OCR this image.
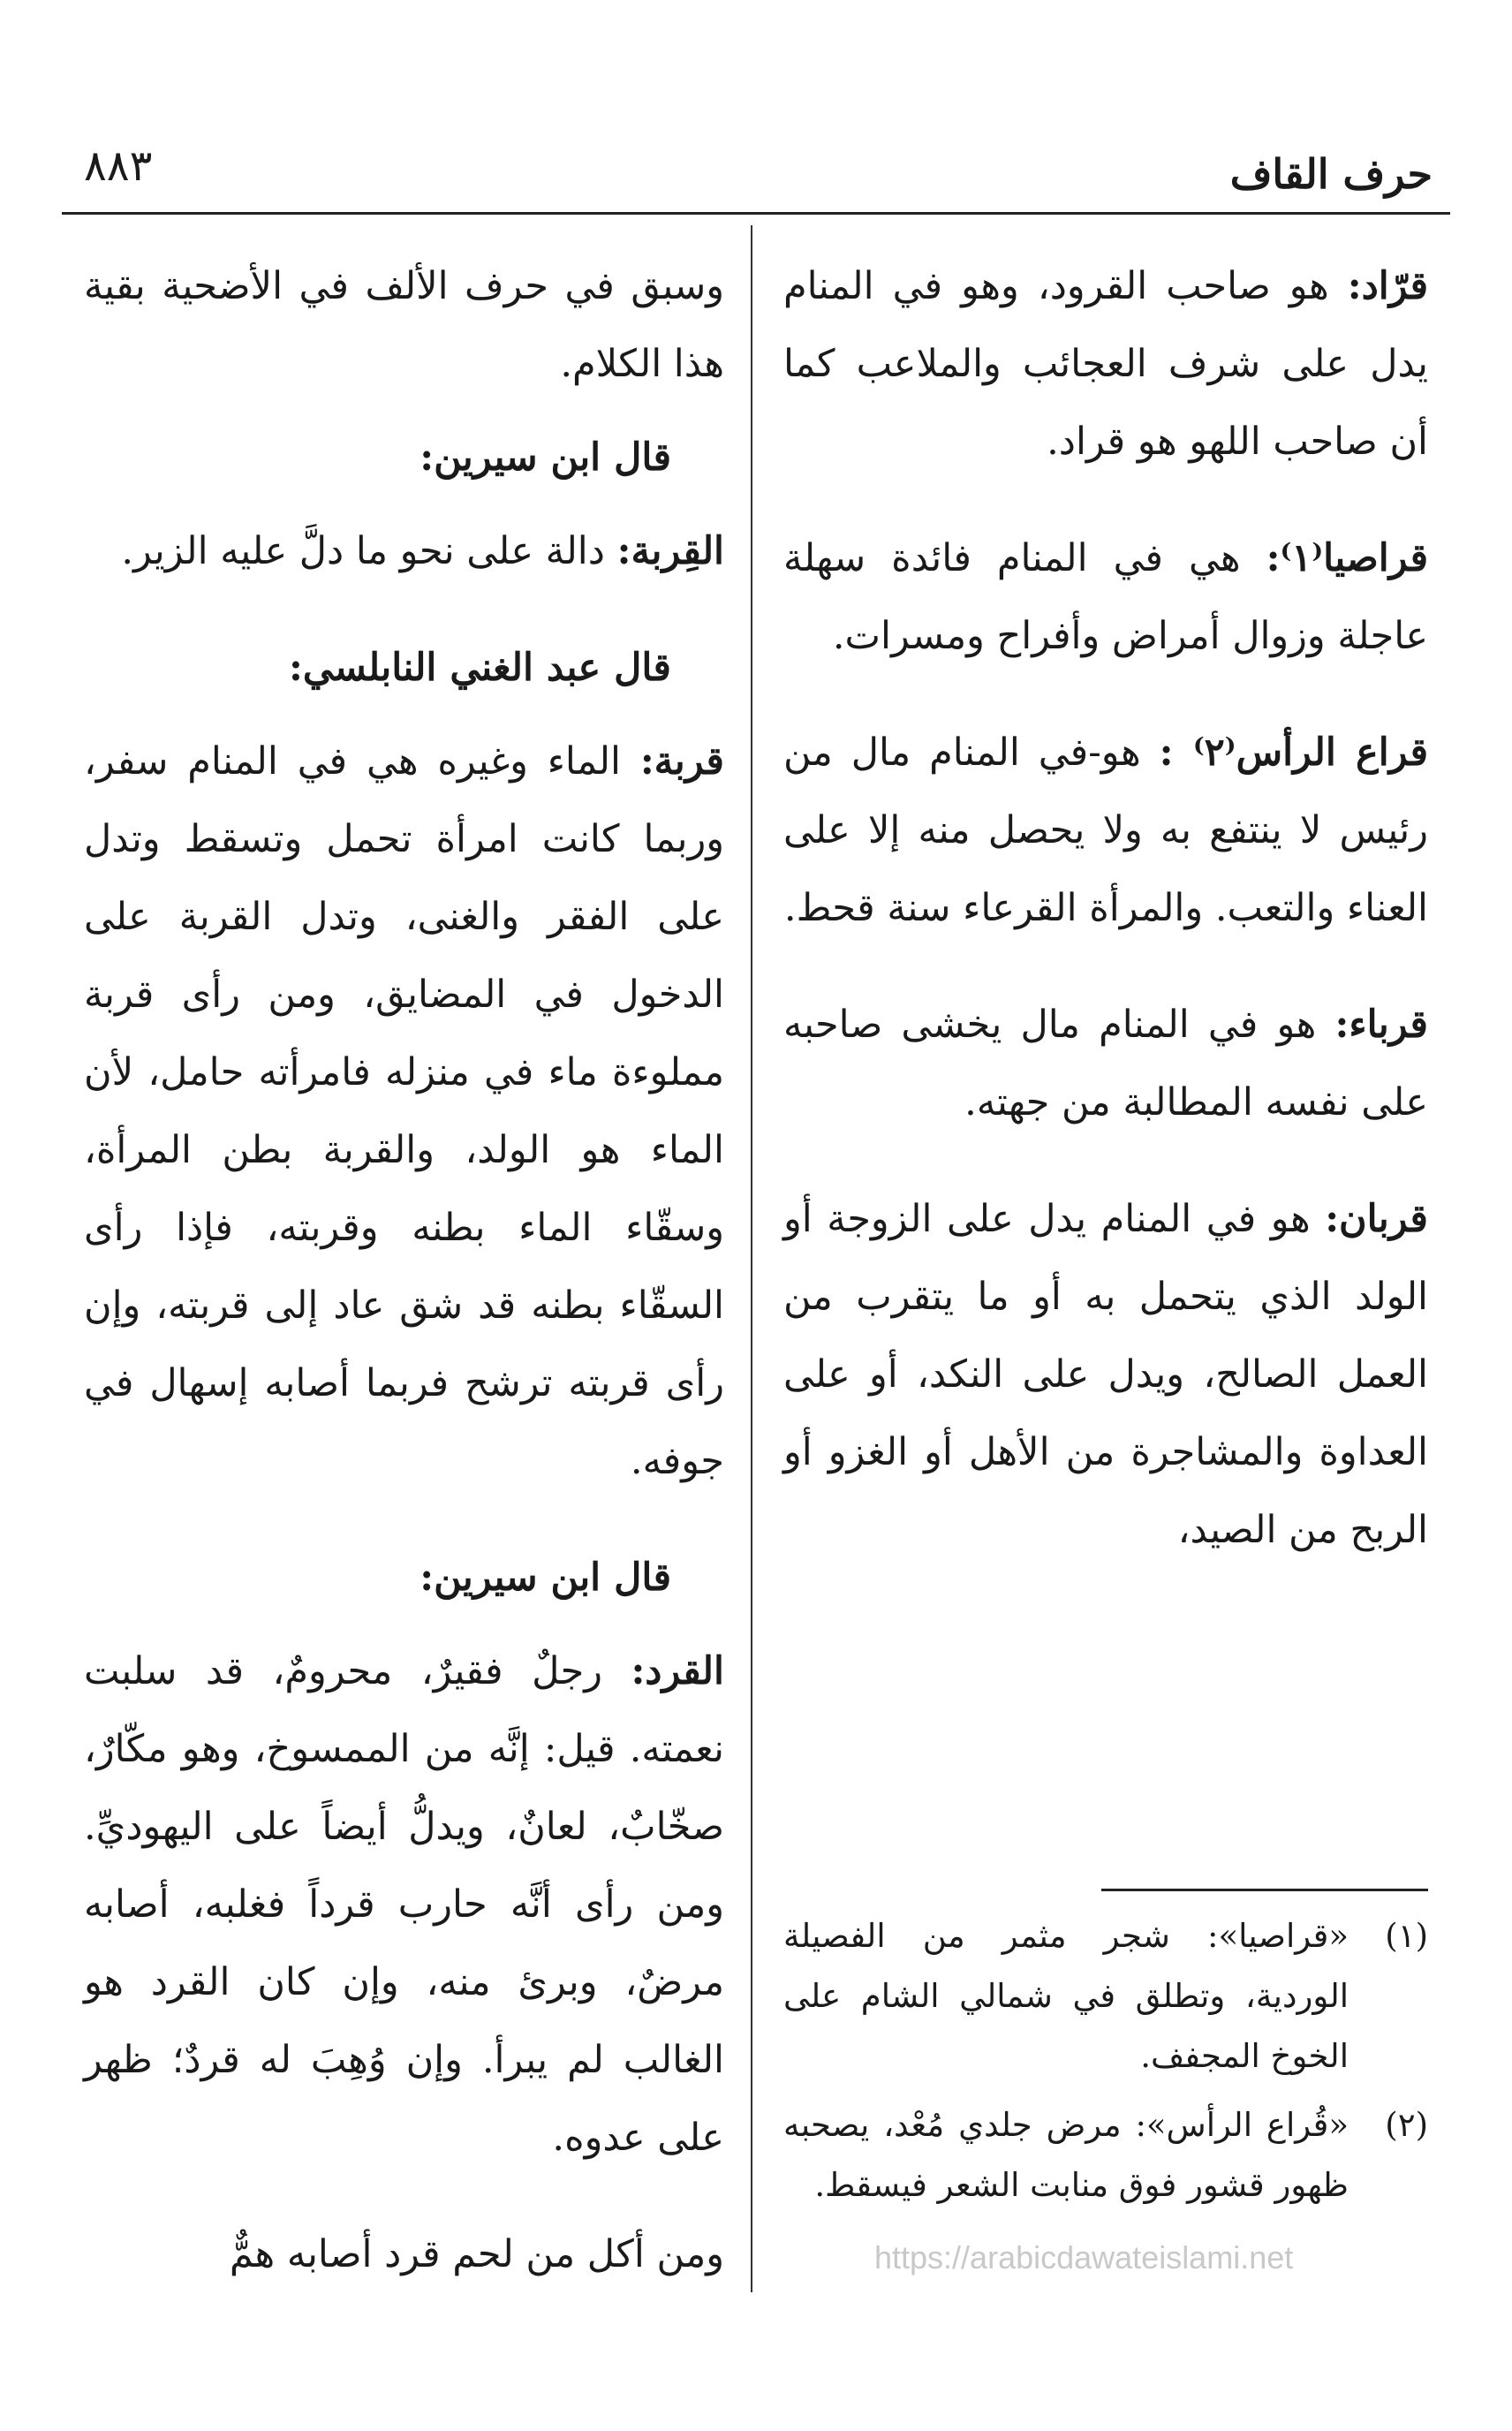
حرف القاف
٨٨٣

قرّاد: هو صاحب القرود، وهو في المنام يدل على شرف العجائب والملاعب كما أن صاحب اللهو هو قراد.

قراصيا⁽١⁾: هي في المنام فائدة سهلة عاجلة وزوال أمراض وأفراح ومسرات.

قراع الرأس⁽٢⁾ : هو-في المنام مال من رئيس لا ينتفع به ولا يحصل منه إلا على العناء والتعب. والمرأة القرعاء سنة قحط.

قرباء: هو في المنام مال يخشى صاحبه على نفسه المطالبة من جهته.

قربان: هو في المنام يدل على الزوجة أو الولد الذي يتحمل به أو ما يتقرب من العمل الصالح، ويدل على النكد، أو على العداوة والمشاجرة من الأهل أو الغزو أو الربح من الصيد،

وسبق في حرف الألف في الأضحية بقية هذا الكلام.

قال ابن سيرين:

القِربة: دالة على نحو ما دلَّ عليه الزير.

قال عبد الغني النابلسي:

قربة: الماء وغيره هي في المنام سفر، وربما كانت امرأة تحمل وتسقط وتدل على الفقر والغنى، وتدل القربة على الدخول في المضايق، ومن رأى قربة مملوءة ماء في منزله فامرأته حامل، لأن الماء هو الولد، والقربة بطن المرأة، وسقّاء الماء بطنه وقربته، فإذا رأى السقّاء بطنه قد شق عاد إلى قربته، وإن رأى قربته ترشح فربما أصابه إسهال في جوفه.

قال ابن سيرين:

القرد: رجلٌ فقيرٌ، محرومٌ، قد سلبت نعمته. قيل: إنَّه من الممسوخ، وهو مكّارٌ، صخّابٌ، لعانٌ، ويدلُّ أيضاً على اليهوديِّ. ومن رأى أنَّه حارب قرداً فغلبه، أصابه مرضٌ، وبرئ منه، وإن كان القرد هو الغالب لم يبرأ. وإن وُهِبَ له قردٌ؛ ظهر على عدوه.

ومن أكل من لحم قرد أصابه همٌّ

(١)
«قراصيا»: شجر مثمر من الفصيلة الوردية، وتطلق في شمالي الشام على الخوخ المجفف.
(٢)
«قُراع الرأس»: مرض جلدي مُعْد، يصحبه ظهور قشور فوق منابت الشعر فيسقط.
https://arabicdawateislami.net
